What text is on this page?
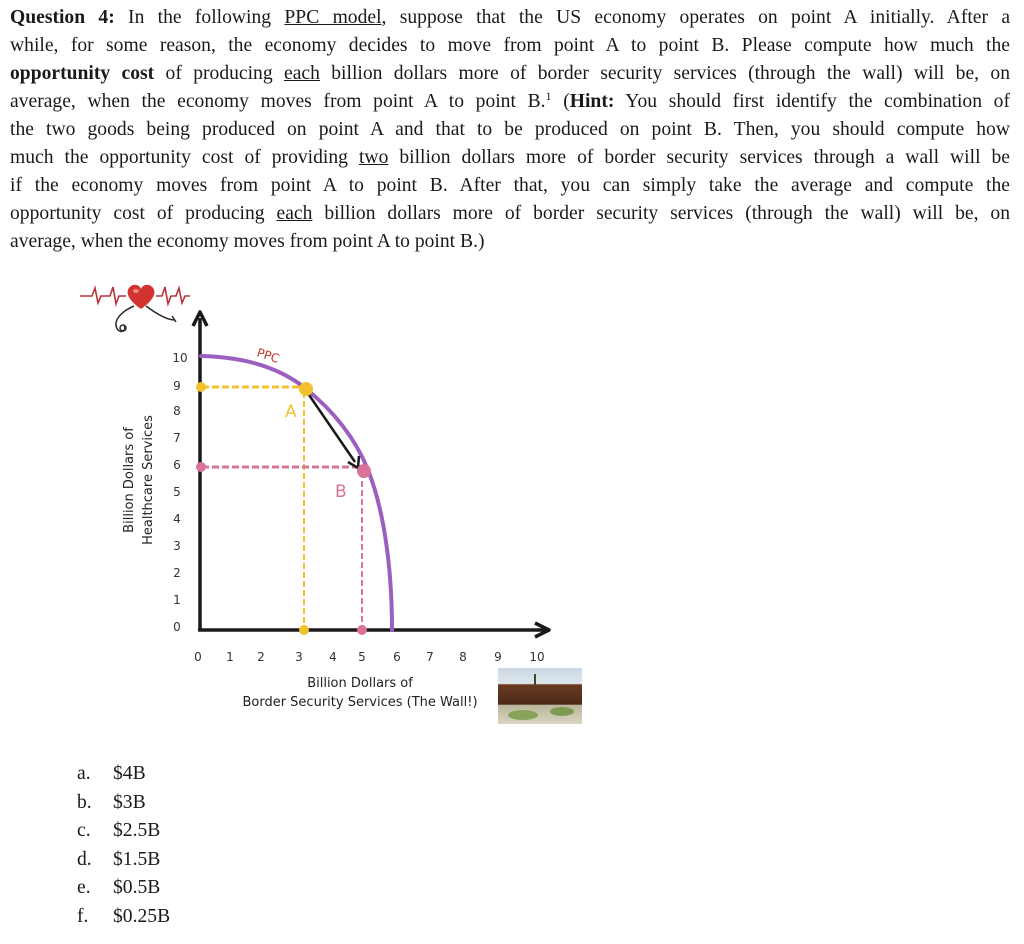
Question 4: In the following PPC model, suppose that the US economy operates on point A initially. After a
while, for some reason, the economy decides to move from point A to point B. Please compute how much the
opportunity cost of producing each billion dollars more of border security services (through the wall) will be, on
average, when the economy moves from point A to point B.$^1$ (Hint: You should first identify the combination of
the two goods being produced on point A and that to be produced on point B. Then, you should compute how
much the opportunity cost of providing two billion dollars more of border security services through a wall will be
if the economy moves from point A to point B. After that, you can simply take the average and compute the
opportunity cost of producing each billion dollars more of border security services (through the wall) will be, on
average, when the economy moves from point A to point B.)
0
1
2
3
4
5
6
7
8
9
10
0 1 2	3 4 5 6 7 8 9 10
Billion Dollars of Healthcare Services
Billion Dollars of
Border Security Services (The Wall!)
PPC
A
B
a.	$4B
b.	$3B
c.	$2.5B
d.	$1.5B
e.	$0.5B
f.	$0.25B
